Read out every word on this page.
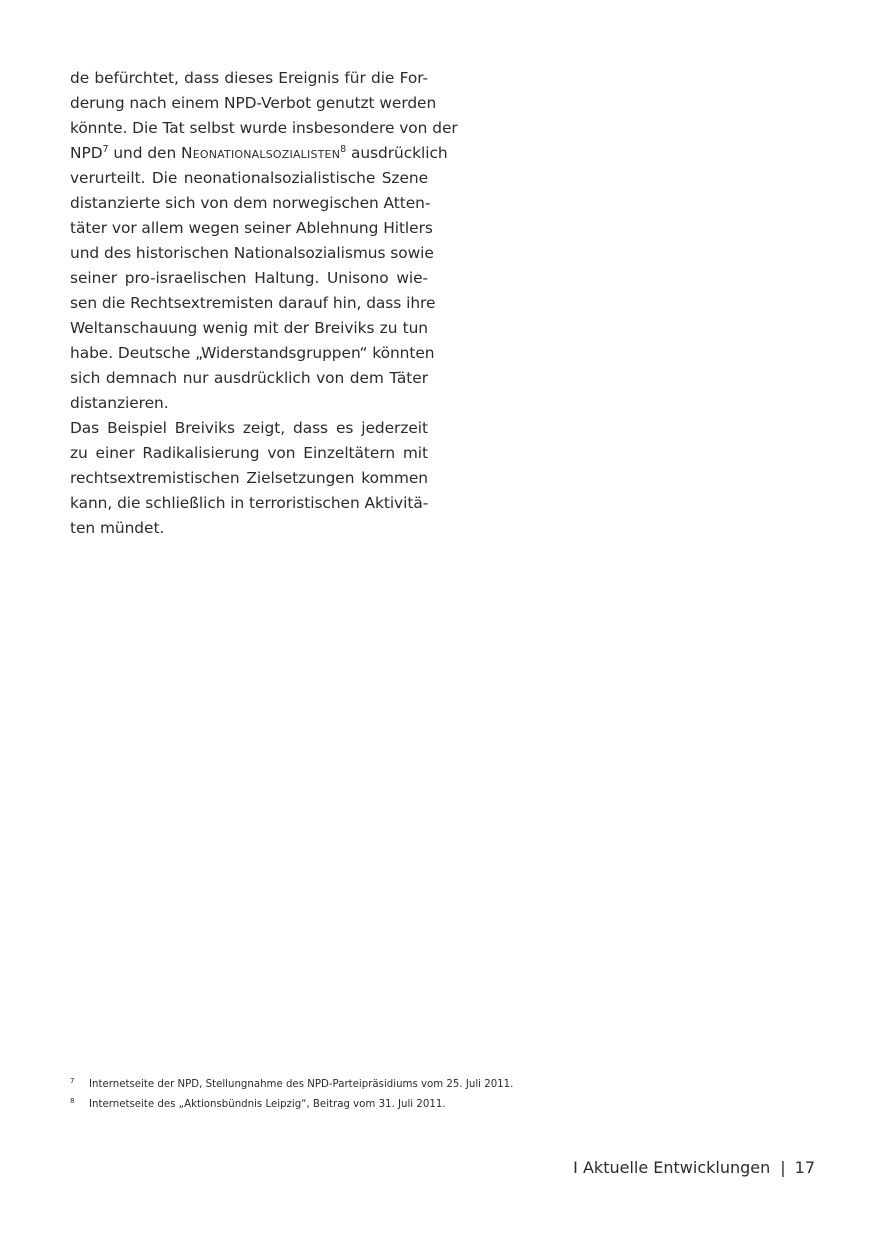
de befürchtet, dass dieses Ereignis für die For-
derung nach einem NPD-Verbot genutzt werden
könnte. Die Tat selbst wurde insbesondere von der
NPD$^7$ und den Neonationalsozialisten$^8$ ausdrücklich
verurteilt. Die neonationalsozialistische Szene
distanzierte sich von dem norwegischen Atten-
täter vor allem wegen seiner Ablehnung Hitlers
und des historischen Nationalsozialismus sowie
seiner pro-israelischen Haltung. Unisono wie-
sen die Rechtsextremisten darauf hin, dass ihre
Weltanschauung wenig mit der Breiviks zu tun
habe. Deutsche „Widerstandsgruppen“ könnten
sich demnach nur ausdrücklich von dem Täter
distanzieren.
Das Beispiel Breiviks zeigt, dass es jederzeit
zu einer Radikalisierung von Einzeltätern mit
rechtsextremistischen Zielsetzungen kommen
kann, die schließlich in terroristischen Aktivitä-
ten mündet.
7 Internetseite der NPD, Stellungnahme des NPD-Parteipräsidiums vom 25. Juli 2011.
8 Internetseite des „Aktionsbündnis Leipzig“, Beitrag vom 31. Juli 2011.
I Aktuelle Entwicklungen | 17
